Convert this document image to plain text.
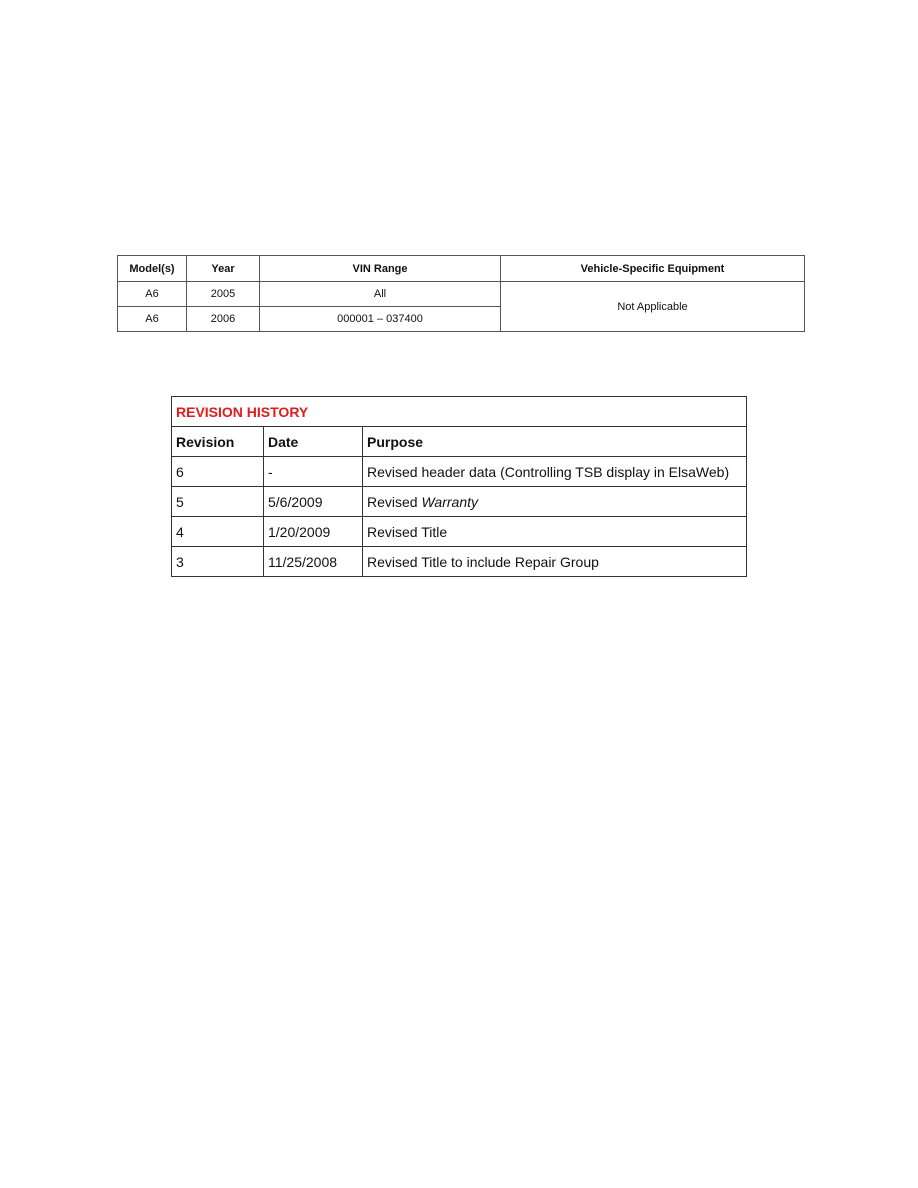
Model(s)	Year	VIN Range	Vehicle-Specific Equipment
A6	2005	All	Not Applicable
A6	2006	000001 – 037400	
REVISION HISTORY		
Revision	Date	Purpose
6	-	Revised header data (Controlling TSB display in ElsaWeb)
5	5/6/2009	Revised Warranty
4	1/20/2009	Revised Title
3	11/25/2008	Revised Title to include Repair Group
